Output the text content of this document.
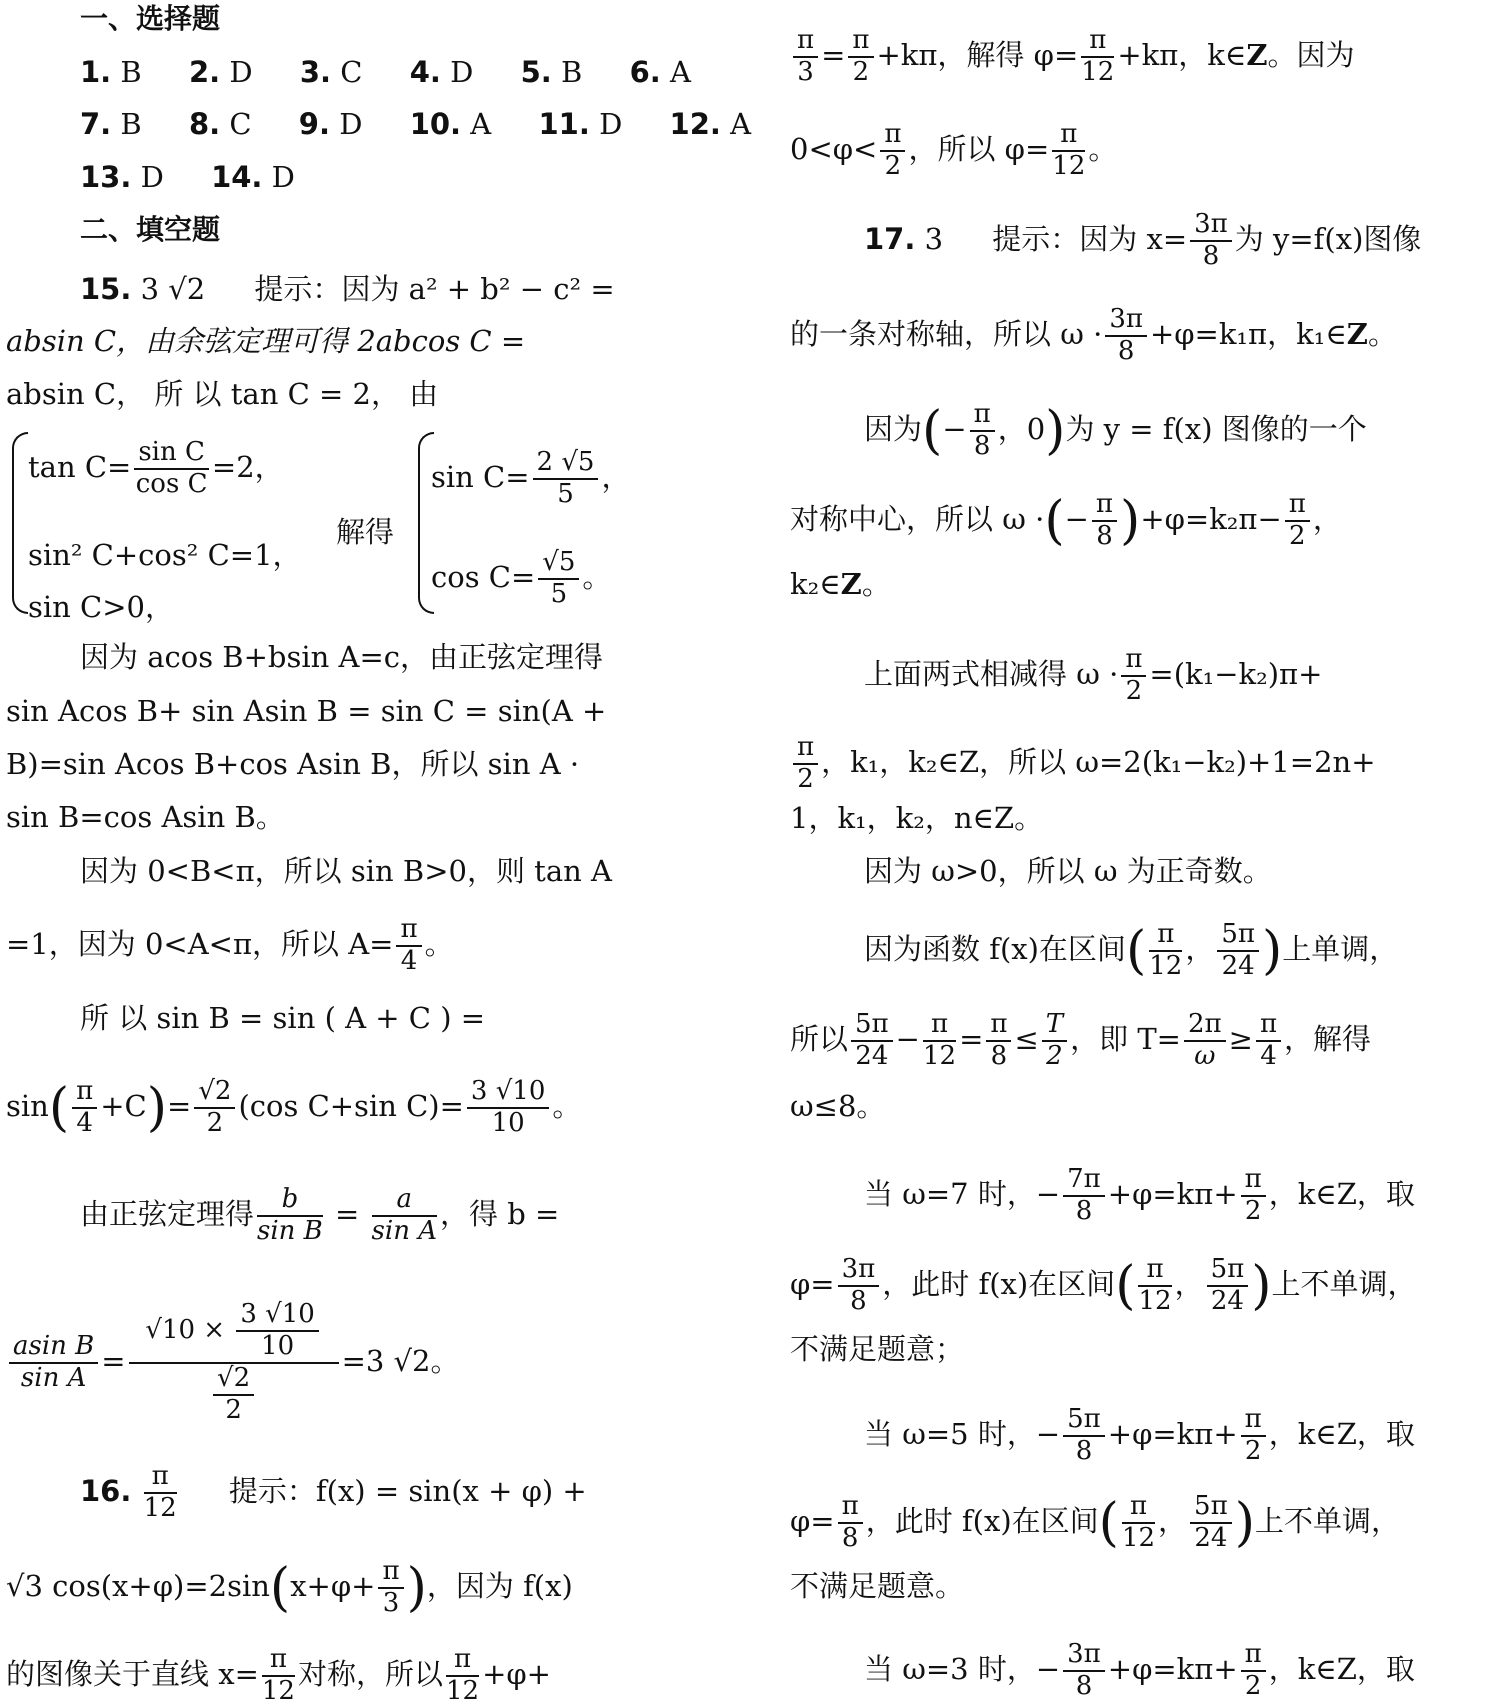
一、选择题
1. B 2. D 3. C 4. D 5. B 6. A
7. B 8. C 9. D 10. A 11. D 12. A
13. D 14. D
二、填空题
15. 3 √2 提示：因为 a² + b² − c² =
absin C，由余弦定理可得 2abcos C =
absin C， 所 以 tan C = 2， 由
$\tan C= \frac{\text{sin C}}{\text{cos C}} =2$，
sin² C+cos² C=1，
sin C>0，
解得
$\sin C= \frac{2 √5}{5}$ ，
$\cos C= \frac{√5}{5}$ 。
因为 acos B+bsin A=c，由正弦定理得
sin Acos B+ sin Asin B = sin C = sin(A +
B)=sin Acos B+cos Asin B，所以 sin A ·
sin B=cos Asin B。
因为 0<B<π，所以 sin B>0，则 tan A
=1，因为 0<A<π，所以 $A= \frac{\pi}{4}$ 。
所 以 sin B = sin ( A + C ) =
$\sin( \frac{\pi}{4} +C)= \frac{√2}{2} (\cos$ C+sin $C)= \frac{3 √10}{10}$ 。
由正弦定理得 $\frac{b}{\text{sin B}} = \frac{a}{\text{sin A}}$ ，得 b =
$\frac{\text{asin B}}{\text{sin A}} = \frac{√10 \times \frac{3 √10}{10}}{\frac{√2}{2}} =3$ √2。
16. $\frac{\pi}{12}$ 提示：f(x) = sin(x + φ) +
√3 $\cos(x+\varphi)=2\sin(x+\varphi+ \frac{\pi}{3}$ )，因为 f(x)
的图像关于直线 $x= \frac{\pi}{12}$ 对称，所以 $\frac{\pi}{12} +\varphi+$
$\frac{\pi}{3} = \frac{\pi}{2} +k\pi$，解得 $\varphi= \frac{\pi}{12} +k\pi$，k∈Z。因为
$0<\varphi< \frac{\pi}{2}$ ，所以 $\varphi= \frac{\pi}{12}$ 。
17. 3 提示：因为 $x= \frac{3\pi}{8}$ 为 y=f(x)图像
的一条对称轴，所以 $\omega \cdot \frac{3\pi}{8} +\varphi=k_1\pi$，k₁∈Z。
因为(− $\frac{\pi}{8}$ ，0)为 y = f(x) 图像的一个
对称中心，所以 ω ·(− $\frac{\pi}{8} )+\varphi=k_2\pi- \frac{\pi}{2}$ ，
k₂∈Z。
上面两式相减得 $\omega \cdot \frac{\pi}{2} =(k_1-k_2)\pi+$
$\frac{\pi}{2}$ ，k₁，k₂∈Z，所以 ω=2(k₁−k₂)+1=2n+
1，k₁，k₂，n∈Z。
因为 ω>0，所以 ω 为正奇数。
因为函数 f(x)在区间( $\frac{\pi}{12}$ ， $\frac{5\pi}{24}$ )上单调，
所以 $\frac{5\pi}{24} - \frac{\pi}{12} = \frac{\pi}{8} \le \frac{T}{2}$ ，即 $T= \frac{2\pi}{\omega} \ge \frac{\pi}{4}$ ，解得
ω≤8。
当 ω=7 时，− $\frac{7\pi}{8} +\varphi=k\pi+ \frac{\pi}{2}$ ，k∈Z，取
$\varphi= \frac{3\pi}{8}$ ，此时 f(x)在区间( $\frac{\pi}{12}$ ， $\frac{5\pi}{24}$ )上不单调，
不满足题意；
当 ω=5 时，− $\frac{5\pi}{8} +\varphi=k\pi+ \frac{\pi}{2}$ ，k∈Z，取
$\varphi= \frac{\pi}{8}$ ，此时 f(x)在区间( $\frac{\pi}{12}$ ， $\frac{5\pi}{24}$ )上不单调，
不满足题意。
当 ω=3 时，− $\frac{3\pi}{8} +\varphi=k\pi+ \frac{\pi}{2}$ ，k∈Z，取
